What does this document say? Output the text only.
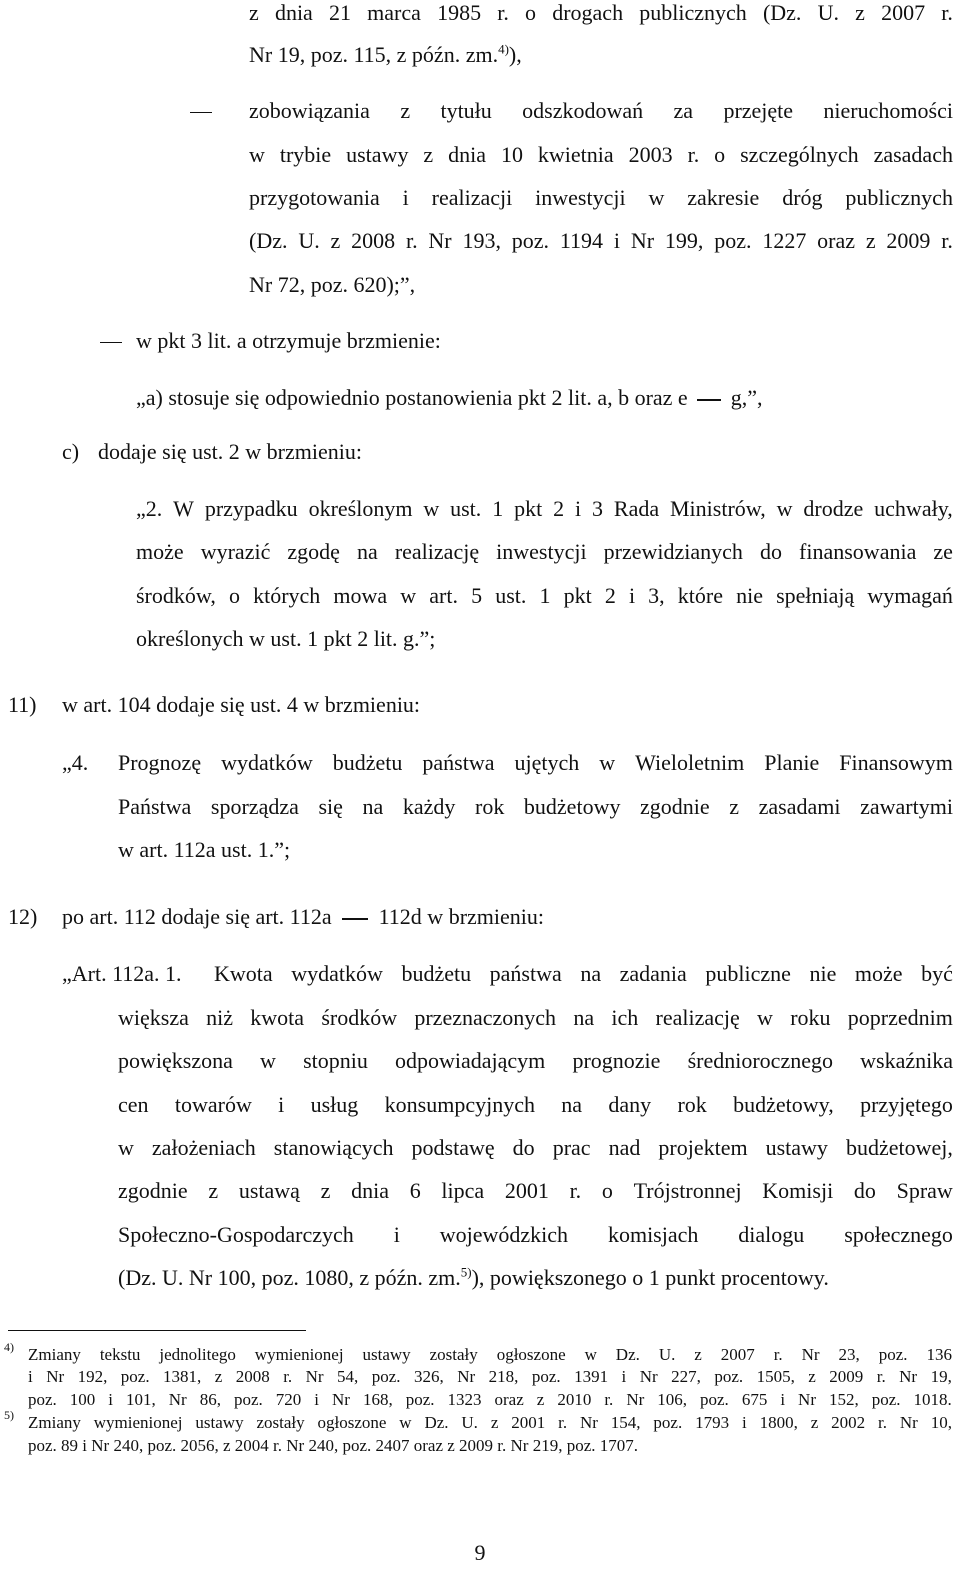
z dnia 21 marca 1985 r. o drogach publicznych (Dz. U. z 2007 r.
Nr 19, poz. 115, z późn. zm.$^{4)}$),
zobowiązania z tytułu odszkodowań za przejęte nieruchomości
w trybie ustawy z dnia 10 kwietnia 2003 r. o szczególnych zasadach
przygotowania i realizacji inwestycji w zakresie dróg publicznych
(Dz. U. z 2008 r. Nr 193, poz. 1194 i Nr 199, poz. 1227 oraz z 2009 r.
Nr 72, poz. 620);”,
w pkt 3 lit. a otrzymuje brzmienie:
„a) stosuje się odpowiednio postanowienia pkt 2 lit. a, b oraz e g,”,
c) dodaje się ust. 2 w brzmieniu:
„2. W przypadku określonym w ust. 1 pkt 2 i 3 Rada Ministrów, w drodze uchwały,
może wyrazić zgodę na realizację inwestycji przewidzianych do finansowania ze
środków, o których mowa w art. 5 ust. 1 pkt 2 i 3, które nie spełniają wymagań
określonych w ust. 1 pkt 2 lit. g.”;
11) w art. 104 dodaje się ust. 4 w brzmieniu:
„4. Prognozę wydatków budżetu państwa ujętych w Wieloletnim Planie Finansowym
Państwa sporządza się na każdy rok budżetowy zgodnie z zasadami zawartymi
w art. 112a ust. 1.”;
12) po art. 112 dodaje się art. 112a 112d w brzmieniu:
„Art. 112a. 1. Kwota wydatków budżetu państwa na zadania publiczne nie może być
większa niż kwota środków przeznaczonych na ich realizację w roku poprzednim
powiększona w stopniu odpowiadającym prognozie średniorocznego wskaźnika
cen towarów i usług konsumpcyjnych na dany rok budżetowy, przyjętego
w założeniach stanowiących podstawę do prac nad projektem ustawy budżetowej,
zgodnie z ustawą z dnia 6 lipca 2001 r. o Trójstronnej Komisji do Spraw
Społeczno-Gospodarczych i wojewódzkich komisjach dialogu społecznego
(Dz. U. Nr 100, poz. 1080, z późn. zm.$^{5)}$), powiększonego o 1 punkt procentowy.
4) Zmiany tekstu jednolitego wymienionej ustawy zostały ogłoszone w Dz. U. z 2007 r. Nr 23, poz. 136
i Nr 192, poz. 1381, z 2008 r. Nr 54, poz. 326, Nr 218, poz. 1391 i Nr 227, poz. 1505, z 2009 r. Nr 19,
poz. 100 i 101, Nr 86, poz. 720 i Nr 168, poz. 1323 oraz z 2010 r. Nr 106, poz. 675 i Nr 152, poz. 1018.
5) Zmiany wymienionej ustawy zostały ogłoszone w Dz. U. z 2001 r. Nr 154, poz. 1793 i 1800, z 2002 r. Nr 10,
poz. 89 i Nr 240, poz. 2056, z 2004 r. Nr 240, poz. 2407 oraz z 2009 r. Nr 219, poz. 1707.
9
